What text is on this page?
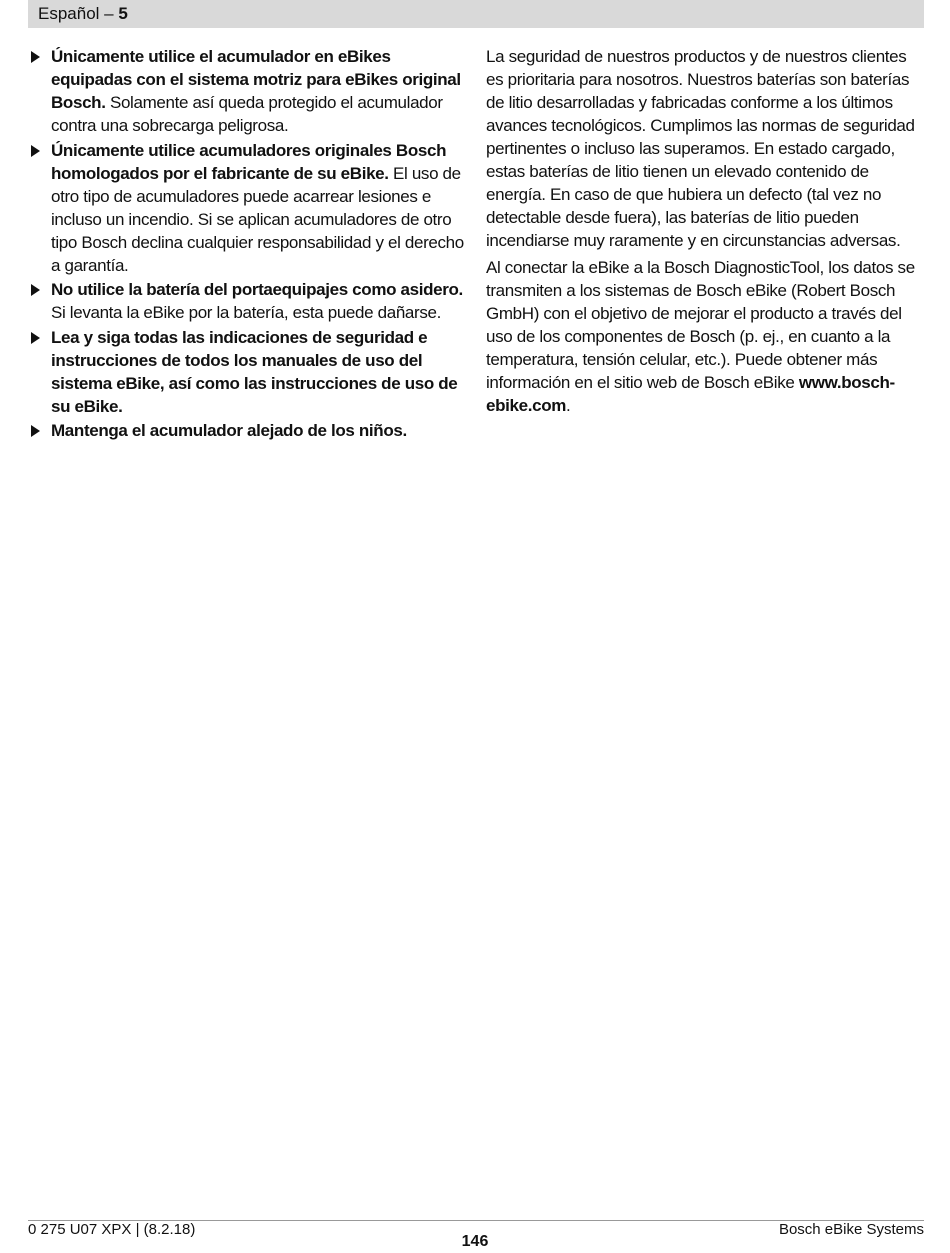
Español – 5
Únicamente utilice el acumulador en eBikes equipadas con el sistema motriz para eBikes original Bosch. Solamente así queda protegido el acumulador contra una sobrecarga peligrosa.
Únicamente utilice acumuladores originales Bosch homologados por el fabricante de su eBike. El uso de otro tipo de acumuladores puede acarrear lesiones e incluso un incendio. Si se aplican acumuladores de otro tipo Bosch declina cualquier responsabilidad y el derecho a garantía.
No utilice la batería del portaequipajes como asidero. Si levanta la eBike por la batería, esta puede dañarse.
Lea y siga todas las indicaciones de seguridad e instrucciones de todos los manuales de uso del sistema eBike, así como las instrucciones de uso de su eBike.
Mantenga el acumulador alejado de los niños.

La seguridad de nuestros productos y de nuestros clientes es prioritaria para nosotros. Nuestros baterías son baterías de litio desarrolladas y fabricadas conforme a los últimos avances tecnológicos. Cumplimos las normas de seguridad pertinentes o incluso las superamos. En estado cargado, estas baterías de litio tienen un elevado contenido de energía. En caso de que hubiera un defecto (tal vez no detectable desde fuera), las baterías de litio pueden incendiarse muy raramente y en circunstancias adversas.

Al conectar la eBike a la Bosch DiagnosticTool, los datos se transmiten a los sistemas de Bosch eBike (Robert Bosch GmbH) con el objetivo de mejorar el producto a través del uso de los componentes de Bosch (p. ej., en cuanto a la temperatura, tensión celular, etc.). Puede obtener más información en el sitio web de Bosch eBike www.bosch-ebike.com.

0 275 U07 XPX | (8.2.18)
146
Bosch eBike Systems
